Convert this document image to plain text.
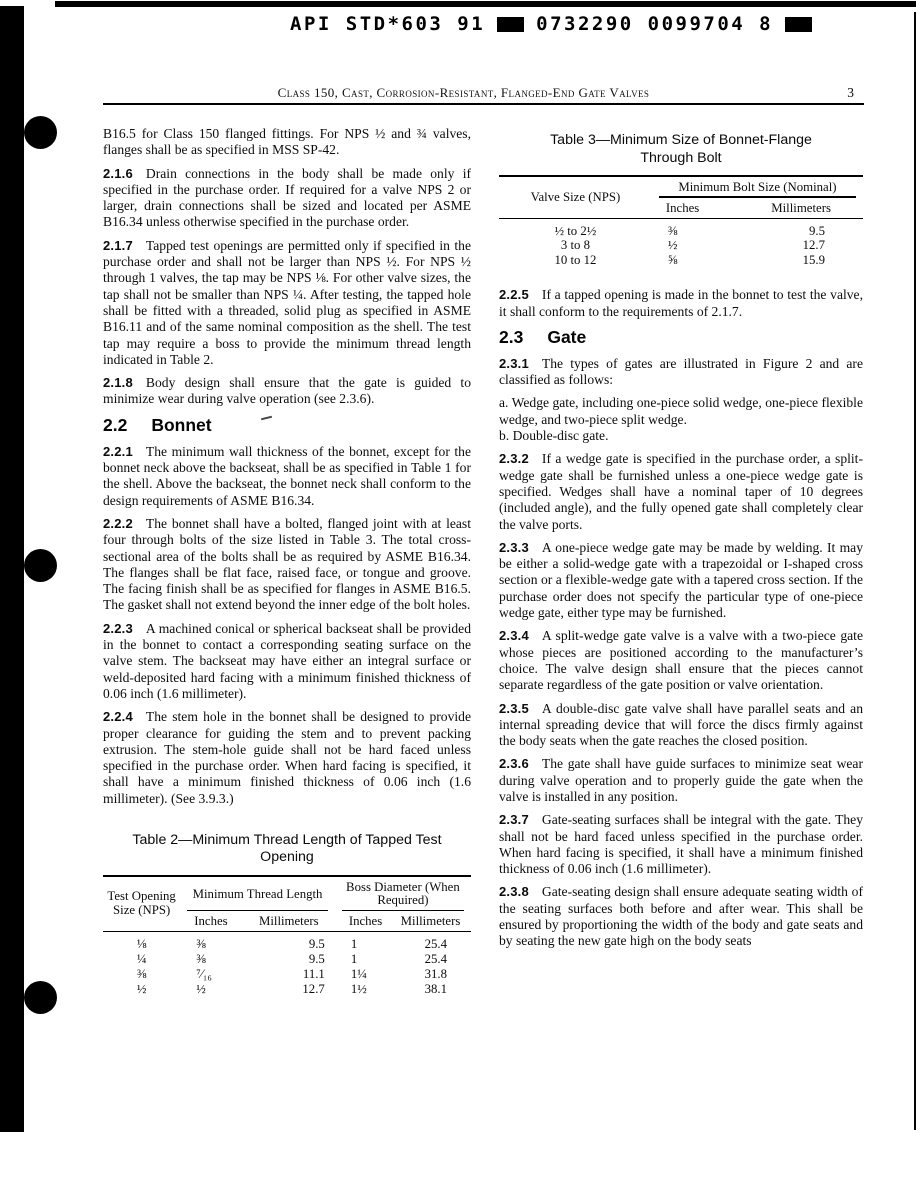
API STD*603 91	0732290 0099704 8
Class 150, Cast, Corrosion-Resistant, Flanged-End Gate Valves	3

B16.5 for Class 150 flanged fittings. For NPS ½ and ¾ valves, flanges shall be as specified in MSS SP-42.

2.1.6 Drain connections in the body shall be made only if specified in the purchase order. If required for a valve NPS 2 or larger, drain connections shall be sized and located per ASME B16.34 unless otherwise specified in the purchase order.

2.1.7 Tapped test openings are permitted only if specified in the purchase order and shall not be larger than NPS ½. For NPS ½ through 1 valves, the tap may be NPS ⅛. For other valve sizes, the tap shall not be smaller than NPS ¼. After testing, the tapped hole shall be fitted with a threaded, solid plug as specified in ASME B16.11 and of the same nominal composition as the shell. The test tap may require a boss to provide the minimum thread length indicated in Table 2.

2.1.8 Body design shall ensure that the gate is guided to minimize wear during valve operation (see 2.3.6).

2.2 Bonnet

2.2.1 The minimum wall thickness of the bonnet, except for the bonnet neck above the backseat, shall be as specified in Table 1 for the shell. Above the backseat, the bonnet neck shall conform to the design requirements of ASME B16.34.

2.2.2 The bonnet shall have a bolted, flanged joint with at least four through bolts of the size listed in Table 3. The total cross-sectional area of the bolts shall be as required by ASME B16.34. The flanges shall be flat face, raised face, or tongue and groove. The facing finish shall be as specified for flanges in ASME B16.5. The gasket shall not extend beyond the inner edge of the bolt holes.

2.2.3 A machined conical or spherical backseat shall be provided in the bonnet to contact a corresponding seating surface on the valve stem. The backseat may have either an integral surface or weld-deposited hard facing with a minimum finished thickness of 0.06 inch (1.6 millimeter).

2.2.4 The stem hole in the bonnet shall be designed to provide proper clearance for guiding the stem and to prevent packing extrusion. The stem-hole guide shall not be hard faced unless specified in the purchase order. When hard facing is specified, it shall have a minimum finished thickness of 0.06 inch (1.6 millimeter). (See 3.9.3.)

Table 2—Minimum Thread Length of Tapped Test Opening
Test Opening Size (NPS)	Minimum Thread Length		Boss Diameter (When Required)	
	Inches	Millimeters	Inches	Millimeters
⅛	⅜	9.5	1	25.4
¼	⅜	9.5	1	25.4
⅜	⁷⁄₁₆	11.1	1¼	31.8
½	½	12.7	1½	38.1
Table 3—Minimum Size of Bonnet-Flange Through Bolt
Valve Size (NPS)	Minimum Bolt Size (Nominal)	
	Inches	Millimeters
½ to 2½	⅜	9.5
3 to 8	½	12.7
10 to 12	⅝	15.9

2.2.5 If a tapped opening is made in the bonnet to test the valve, it shall conform to the requirements of 2.1.7.

2.3 Gate

2.3.1 The types of gates are illustrated in Figure 2 and are classified as follows:

a. Wedge gate, including one-piece solid wedge, one-piece flexible wedge, and two-piece split wedge.

b. Double-disc gate.

2.3.2 If a wedge gate is specified in the purchase order, a split-wedge gate shall be furnished unless a one-piece wedge gate is specified. Wedges shall have a nominal taper of 10 degrees (included angle), and the fully opened gate shall completely clear the valve ports.

2.3.3 A one-piece wedge gate may be made by welding. It may be either a solid-wedge gate with a trapezoidal or I-shaped cross section or a flexible-wedge gate with a tapered cross section. If the purchase order does not specify the particular type of one-piece wedge gate, either type may be furnished.

2.3.4 A split-wedge gate valve is a valve with a two-piece gate whose pieces are positioned according to the manufacturer’s choice. The valve design shall ensure that the pieces cannot separate regardless of the gate position or valve orientation.

2.3.5 A double-disc gate valve shall have parallel seats and an internal spreading device that will force the discs firmly against the body seats when the gate reaches the closed position.

2.3.6 The gate shall have guide surfaces to minimize seat wear during valve operation and to properly guide the gate when the valve is installed in any position.

2.3.7 Gate-seating surfaces shall be integral with the gate. They shall not be hard faced unless specified in the purchase order. When hard facing is specified, it shall have a minimum finished thickness of 0.06 inch (1.6 millimeter).

2.3.8 Gate-seating design shall ensure adequate seating width of the seating surfaces both before and after wear. This shall be ensured by proportioning the width of the body and gate seats and by seating the new gate high on the body seats
